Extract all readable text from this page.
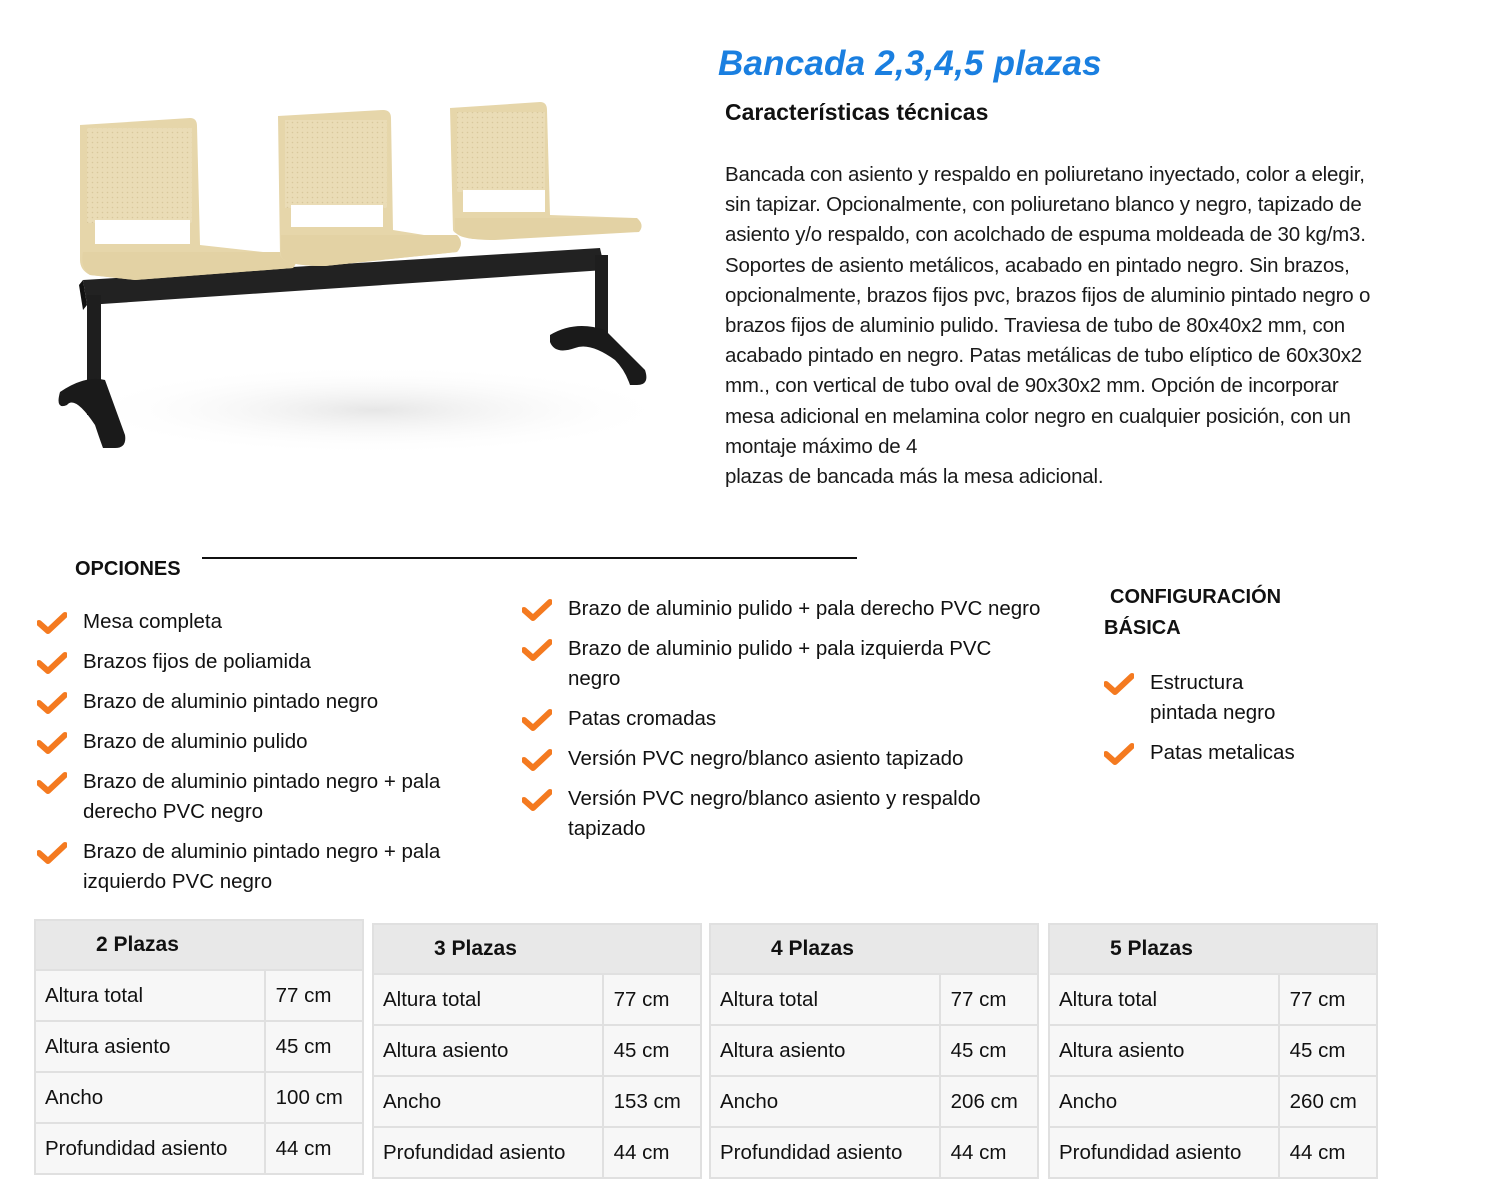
Bancada 2,3,4,5 plazas
Características técnicas
Bancada con asiento y respaldo en poliuretano inyectado, color a elegir,
sin tapizar. Opcionalmente, con poliuretano blanco y negro, tapizado de
asiento y/o respaldo, con acolchado de espuma moldeada de 30 kg/m3.
Soportes de asiento metálicos, acabado en pintado negro. Sin brazos,
opcionalmente, brazos fijos pvc, brazos fijos de aluminio pintado negro o
brazos fijos de aluminio pulido. Traviesa de tubo de 80x40x2 mm, con
acabado pintado en negro. Patas metálicas de tubo elíptico de 60x30x2
mm., con vertical de tubo oval de 90x30x2 mm. Opción de incorporar
mesa adicional en melamina color negro en cualquier posición, con un
montaje máximo de 4
plazas de bancada más la mesa adicional.
OPCIONES
Mesa completa
Brazos fijos de poliamida
Brazo de aluminio pintado negro
Brazo de aluminio pulido
Brazo de aluminio pintado negro + pala derecho PVC negro
Brazo de aluminio pintado negro + pala izquierdo PVC negro
Brazo de aluminio pulido + pala derecho PVC negro
Brazo de aluminio pulido + pala izquierda PVC negro
Patas cromadas
Versión PVC negro/blanco asiento tapizado
Versión PVC negro/blanco asiento y respaldo tapizado
CONFIGURACIÓN
BÁSICA
Estructura pintada negro
Patas metalicas
2 Plazas	
Altura total	77 cm
Altura asiento	45 cm
Ancho	100 cm
Profundidad asiento	44 cm
3 Plazas	
Altura total	77 cm
Altura asiento	45 cm
Ancho	153 cm
Profundidad asiento	44 cm
4 Plazas	
Altura total	77 cm
Altura asiento	45 cm
Ancho	206 cm
Profundidad asiento	44 cm
5 Plazas	
Altura total	77 cm
Altura asiento	45 cm
Ancho	260 cm
Profundidad asiento	44 cm
